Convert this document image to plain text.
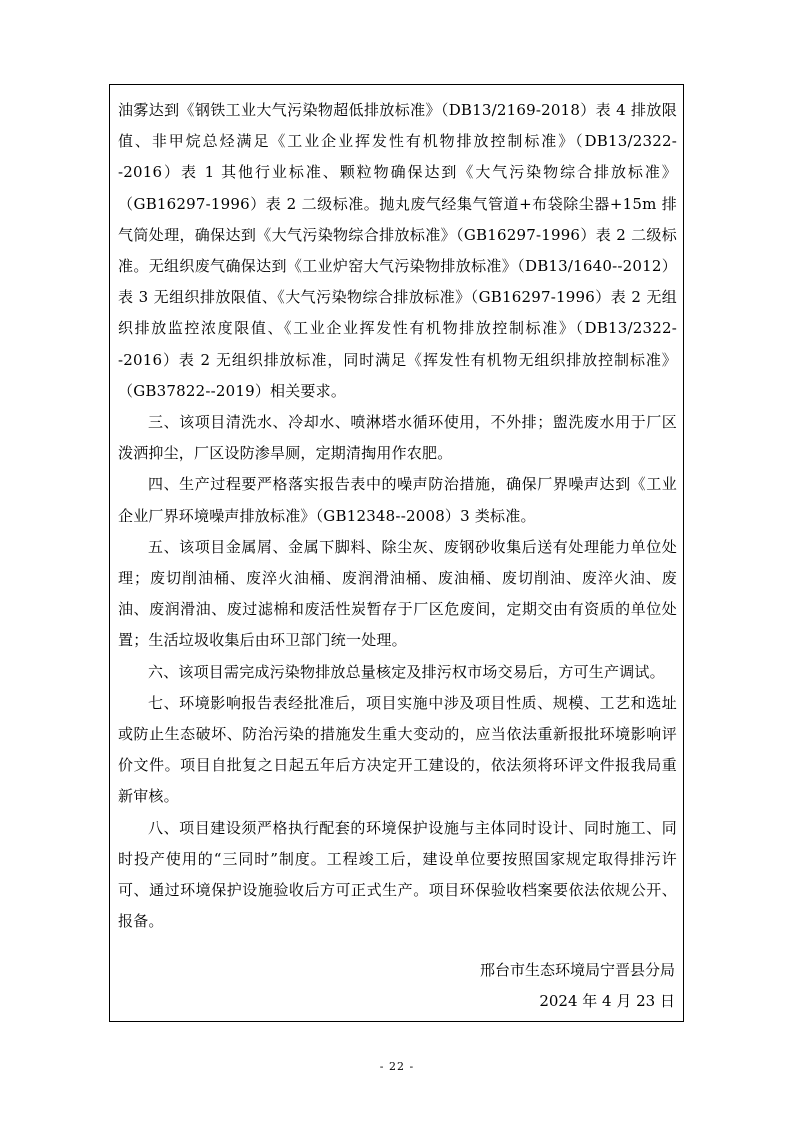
油雾达到《钢铁工业大气污染物超低排放标准》（DB13/2169-2018）表 4 排放限值、非甲烷总烃满足《工业企业挥发性有机物排放控制标准》（DB13/2322--2016）表 1 其他行业标准、颗粒物确保达到《大气污染物综合排放标准》（GB16297-1996）表 2 二级标准。抛丸废气经集气管道+布袋除尘器+15m 排气筒处理，确保达到《大气污染物综合排放标准》（GB16297-1996）表 2 二级标准。无组织废气确保达到《工业炉窑大气污染物排放标准》（DB13/1640--2012）表 3 无组织排放限值、《大气污染物综合排放标准》（GB16297-1996）表 2 无组织排放监控浓度限值、《工业企业挥发性有机物排放控制标准》（DB13/2322--2016）表 2 无组织排放标准，同时满足《挥发性有机物无组织排放控制标准》（GB37822--2019）相关要求。

三、该项目清洗水、冷却水、喷淋塔水循环使用，不外排；盥洗废水用于厂区泼洒抑尘，厂区设防渗旱厕，定期清掏用作农肥。

四、生产过程要严格落实报告表中的噪声防治措施，确保厂界噪声达到《工业企业厂界环境噪声排放标准》（GB12348--2008）3 类标准。

五、该项目金属屑、金属下脚料、除尘灰、废钢砂收集后送有处理能力单位处理；废切削油桶、废淬火油桶、废润滑油桶、废油桶、废切削油、废淬火油、废油、废润滑油、废过滤棉和废活性炭暂存于厂区危废间，定期交由有资质的单位处置；生活垃圾收集后由环卫部门统一处理。

六、该项目需完成污染物排放总量核定及排污权市场交易后，方可生产调试。

七、环境影响报告表经批准后，项目实施中涉及项目性质、规模、工艺和选址或防止生态破坏、防治污染的措施发生重大变动的，应当依法重新报批环境影响评价文件。项目自批复之日起五年后方决定开工建设的，依法须将环评文件报我局重新审核。

八、项目建设须严格执行配套的环境保护设施与主体同时设计、同时施工、同时投产使用的“三同时”制度。工程竣工后，建设单位要按照国家规定取得排污许可、通过环境保护设施验收后方可正式生产。项目环保验收档案要依法依规公开、报备。

邢台市生态环境局宁晋县分局
2024 年 4 月 23 日
- 22 -
